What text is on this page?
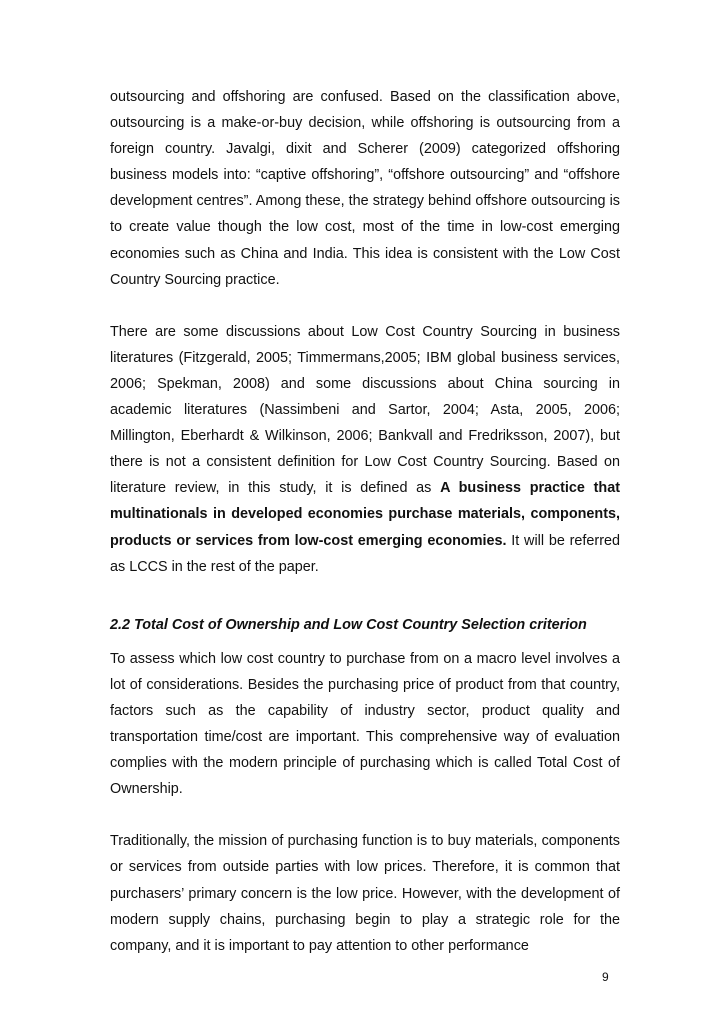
outsourcing and offshoring are confused. Based on the classification above, outsourcing is a make-or-buy decision, while offshoring is outsourcing from a foreign country. Javalgi, dixit and Scherer (2009) categorized offshoring business models into: “captive offshoring”, “offshore outsourcing” and “offshore development centres”. Among these, the strategy behind offshore outsourcing is to create value though the low cost, most of the time in low-cost emerging economies such as China and India. This idea is consistent with the Low Cost Country Sourcing practice.

There are some discussions about Low Cost Country Sourcing in business literatures (Fitzgerald, 2005; Timmermans,2005; IBM global business services, 2006; Spekman, 2008) and some discussions about China sourcing in academic literatures (Nassimbeni and Sartor, 2004; Asta, 2005, 2006; Millington, Eberhardt & Wilkinson, 2006; Bankvall and Fredriksson, 2007), but there is not a consistent definition for Low Cost Country Sourcing. Based on literature review, in this study, it is defined as A business practice that multinationals in developed economies purchase materials, components, products or services from low-cost emerging economies. It will be referred as LCCS in the rest of the paper.

2.2 Total Cost of Ownership and Low Cost Country Selection criterion

To assess which low cost country to purchase from on a macro level involves a lot of considerations. Besides the purchasing price of product from that country, factors such as the capability of industry sector, product quality and transportation time/cost are important. This comprehensive way of evaluation complies with the modern principle of purchasing which is called Total Cost of Ownership.

Traditionally, the mission of purchasing function is to buy materials, components or services from outside parties with low prices. Therefore, it is common that purchasers’ primary concern is the low price. However, with the development of modern supply chains, purchasing begin to play a strategic role for the company, and it is important to pay attention to other performance

9
